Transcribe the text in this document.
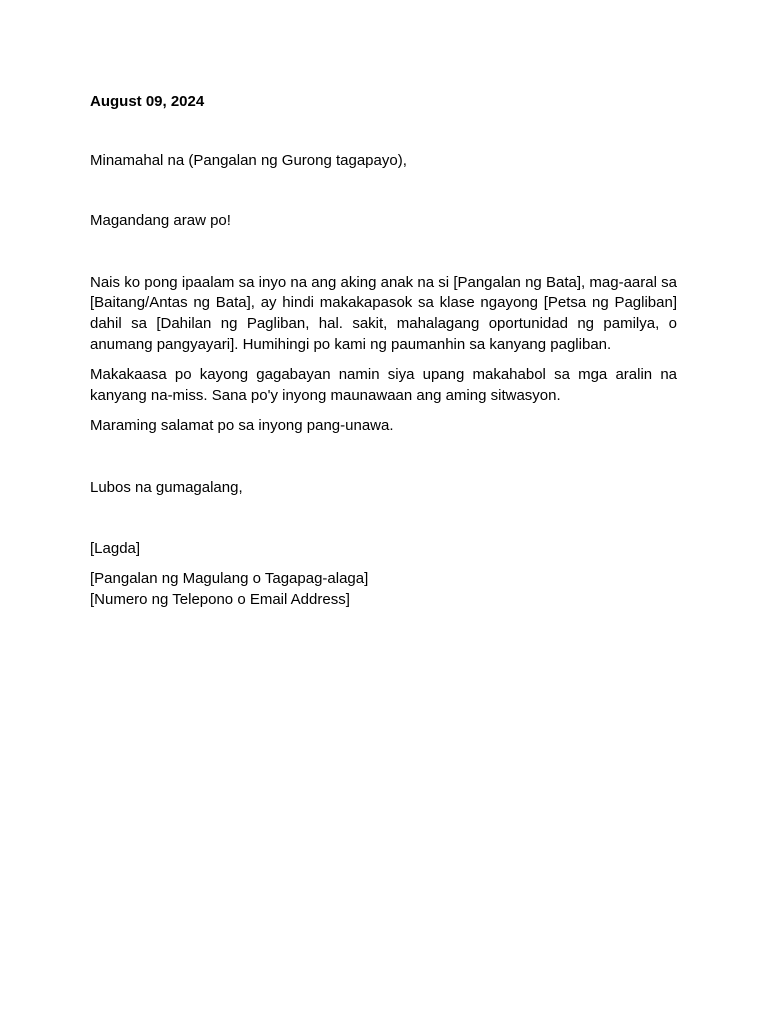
August 09, 2024

Minamahal na (Pangalan ng Gurong tagapayo),

Magandang araw po!

Nais ko pong ipaalam sa inyo na ang aking anak na si [Pangalan ng Bata], mag-aaral sa [Baitang/Antas ng Bata], ay hindi makakapasok sa klase ngayong [Petsa ng Pagliban] dahil sa [Dahilan ng Pagliban, hal. sakit, mahalagang oportunidad ng pamilya, o anumang pangyayari]. Humihingi po kami ng paumanhin sa kanyang pagliban.

Makakaasa po kayong gagabayan namin siya upang makahabol sa mga aralin na kanyang na-miss. Sana po'y inyong maunawaan ang aming sitwasyon.

Maraming salamat po sa inyong pang-unawa.

Lubos na gumagalang,

[Lagda]

[Pangalan ng Magulang o Tagapag-alaga]

[Numero ng Telepono o Email Address]
